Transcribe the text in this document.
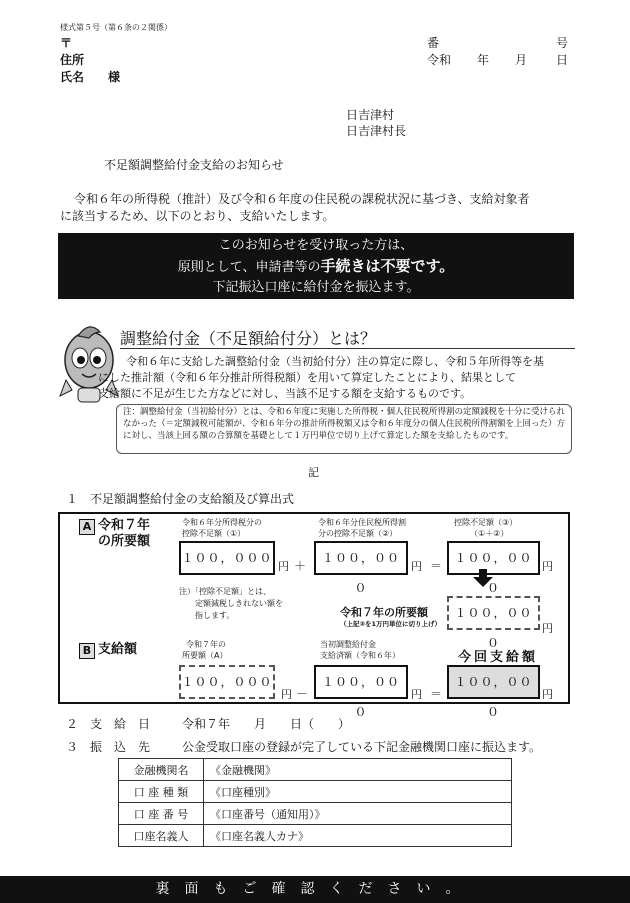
様式第５号（第６条の２関係）
〒
住所
氏名　　様
番	号
令和 年 月 日
日吉津村
日吉津村長
不足額調整給付金支給のお知らせ
令和６年の所得税（推計）及び令和６年度の住民税の課税状況に基づき、支給対象者
に該当するため、以下のとおり、支給いたします。
このお知らせを受け取った方は、
原則として、申請書等の手続きは不要です。
下記振込口座に給付金を振込ます。
調整給付金（不足額給付分）とは？
令和６年に支給した調整給付金（当初給付分）注の算定に際し、令和５年所得等を基
にした推計額（令和６年分推計所得税額）を用いて算定したことにより、結果として
支給額に不足が生じた方などに対し、当該不足する額を支給するものです。
注：調整給付金（当初給付分）とは、令和６年度に実施した所得税・個人住民税所得割の定額減税を十分に受けられなかった（＝定額減税可能額が、令和６年分の推計所得税額又は令和６年度分の個人住民税所得割額を上回った）方に対し、当該上回る額の合算額を基礎として１万円単位で切り上げて算定した額を支給したものです。
記
１ 不足額調整給付金の支給額及び算出式
A 令和７年
の所要額
令和６年分所得税分の
控除不足額（①）
１００，０００
円 ＋
令和６年分住民税所得割
分の控除不足額（②）
１００，０００
円 ＝
控除不足額（③）
（①＋②）
１００，０００
円
注）「控除不足額」とは、
定額減税しきれない額を
指します。	令和７年の所要額
（上記③を1万円単位に切り上げ）
１００，０００
円
B 支給額	令和７年の
所要額（A）
１００，０００
円 －
当初調整給付金
支給済額（令和６年）
１００，０００
円 ＝
今回支給額
１００，０００
円
２ 支　給　日	令和７年　　月　　日（　　）
３ 振　込　先	公金受取口座の登録が完了している下記金融機関口座に振込ます。
金融機関名	《金融機関》
口 座 種 類	《口座種別》
口 座 番 号	《口座番号（通知用）》
口座名義人	《口座名義人カナ》
裏面もご確認ください。
